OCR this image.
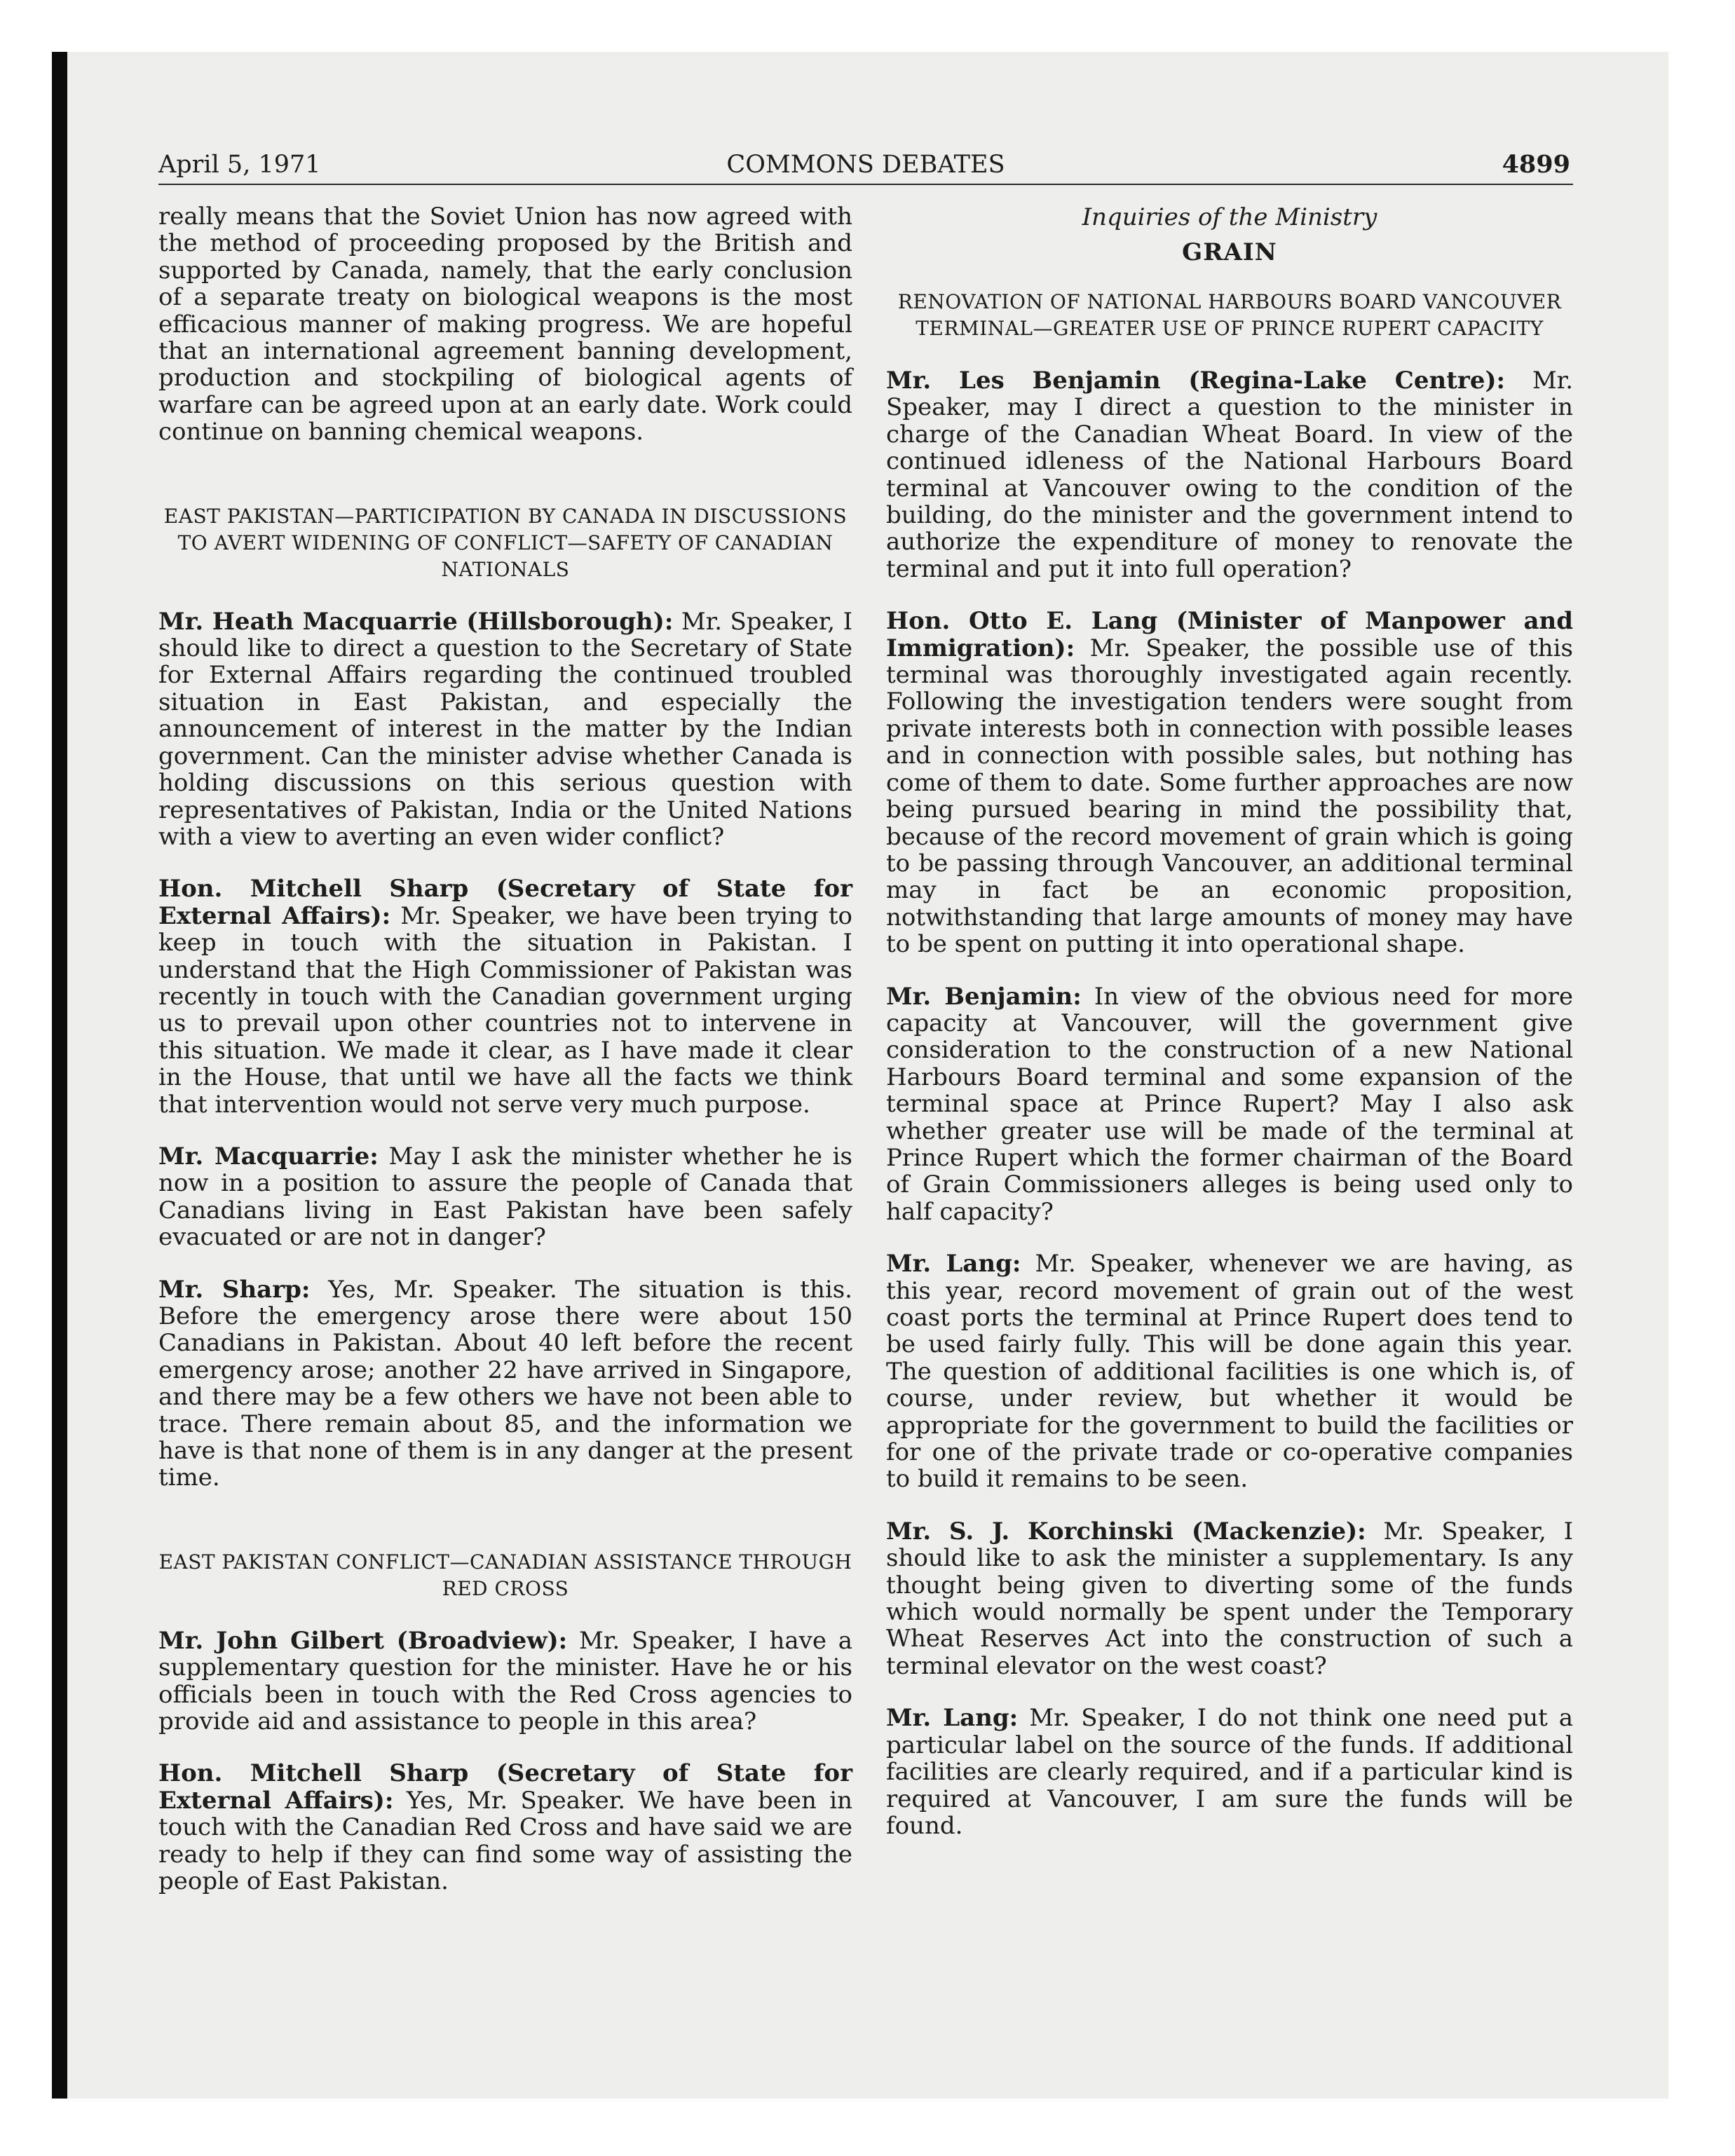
COMMONS DEBATES
April 5, 1971	4899

really means that the Soviet Union has now agreed with the method of proceeding proposed by the British and supported by Canada, namely, that the early conclusion of a separate treaty on biological weapons is the most efficacious manner of making progress. We are hopeful that an international agreement banning development, production and stockpiling of biological agents of warfare can be agreed upon at an early date. Work could continue on banning chemical weapons.

EAST PAKISTAN—PARTICIPATION BY CANADA IN DISCUSSIONS TO AVERT WIDENING OF CONFLICT—SAFETY OF CANADIAN NATIONALS

Mr. Heath Macquarrie (Hillsborough): Mr. Speaker, I should like to direct a question to the Secretary of State for External Affairs regarding the continued troubled situation in East Pakistan, and especially the announcement of interest in the matter by the Indian government. Can the minister advise whether Canada is holding discussions on this serious question with representatives of Pakistan, India or the United Nations with a view to averting an even wider conflict?

Hon. Mitchell Sharp (Secretary of State for External Affairs): Mr. Speaker, we have been trying to keep in touch with the situation in Pakistan. I understand that the High Commissioner of Pakistan was recently in touch with the Canadian government urging us to prevail upon other countries not to intervene in this situation. We made it clear, as I have made it clear in the House, that until we have all the facts we think that intervention would not serve very much purpose.

Mr. Macquarrie: May I ask the minister whether he is now in a position to assure the people of Canada that Canadians living in East Pakistan have been safely evacuated or are not in danger?

Mr. Sharp: Yes, Mr. Speaker. The situation is this. Before the emergency arose there were about 150 Canadians in Pakistan. About 40 left before the recent emergency arose; another 22 have arrived in Singapore, and there may be a few others we have not been able to trace. There remain about 85, and the information we have is that none of them is in any danger at the present time.

EAST PAKISTAN CONFLICT—CANADIAN ASSISTANCE THROUGH RED CROSS

Mr. John Gilbert (Broadview): Mr. Speaker, I have a supplementary question for the minister. Have he or his officials been in touch with the Red Cross agencies to provide aid and assistance to people in this area?

Hon. Mitchell Sharp (Secretary of State for External Affairs): Yes, Mr. Speaker. We have been in touch with the Canadian Red Cross and have said we are ready to help if they can find some way of assisting the people of East Pakistan.

Inquiries of the Ministry
GRAIN
RENOVATION OF NATIONAL HARBOURS BOARD VANCOUVER TERMINAL—GREATER USE OF PRINCE RUPERT CAPACITY

Mr. Les Benjamin (Regina-Lake Centre): Mr. Speaker, may I direct a question to the minister in charge of the Canadian Wheat Board. In view of the continued idleness of the National Harbours Board terminal at Vancouver owing to the condition of the building, do the minister and the government intend to authorize the expenditure of money to renovate the terminal and put it into full operation?

Hon. Otto E. Lang (Minister of Manpower and Immigration): Mr. Speaker, the possible use of this terminal was thoroughly investigated again recently. Following the investigation tenders were sought from private interests both in connection with possible leases and in connection with possible sales, but nothing has come of them to date. Some further approaches are now being pursued bearing in mind the possibility that, because of the record movement of grain which is going to be passing through Vancouver, an additional terminal may in fact be an economic proposition, notwithstanding that large amounts of money may have to be spent on putting it into operational shape.

Mr. Benjamin: In view of the obvious need for more capacity at Vancouver, will the government give consideration to the construction of a new National Harbours Board terminal and some expansion of the terminal space at Prince Rupert? May I also ask whether greater use will be made of the terminal at Prince Rupert which the former chairman of the Board of Grain Commissioners alleges is being used only to half capacity?

Mr. Lang: Mr. Speaker, whenever we are having, as this year, record movement of grain out of the west coast ports the terminal at Prince Rupert does tend to be used fairly fully. This will be done again this year. The question of additional facilities is one which is, of course, under review, but whether it would be appropriate for the government to build the facilities or for one of the private trade or co-operative companies to build it remains to be seen.

Mr. S. J. Korchinski (Mackenzie): Mr. Speaker, I should like to ask the minister a supplementary. Is any thought being given to diverting some of the funds which would normally be spent under the Temporary Wheat Reserves Act into the construction of such a terminal elevator on the west coast?

Mr. Lang: Mr. Speaker, I do not think one need put a particular label on the source of the funds. If additional facilities are clearly required, and if a particular kind is required at Vancouver, I am sure the funds will be found.
